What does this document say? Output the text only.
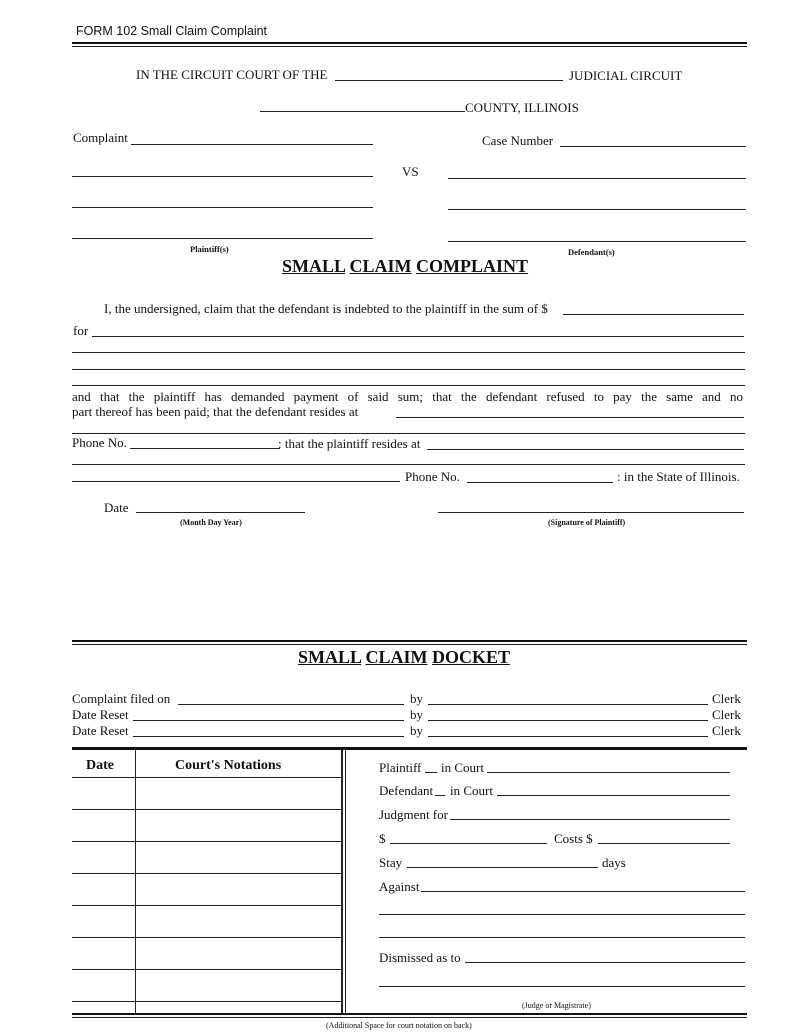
FORM 102 Small Claim Complaint
IN THE CIRCUIT COURT OF THE	JUDICIAL CIRCUIT
COUNTY, ILLINOIS
Complaint	Case Number
VS
Plaintiff(s)	Defendant(s)
SMALL CLAIM COMPLAINT
I, the undersigned, claim that the defendant is indebted to the plaintiff in the sum of $
for
and that the plaintiff has demanded payment of said sum; that the defendant refused to pay the same and no
part thereof has been paid; that the defendant resides at
Phone No.	: that the plaintiff resides at
Phone No.	: in the State of Illinois.
Date
(Month Day Year)	(Signature of Plaintiff)
SMALL CLAIM DOCKET
Complaint filed on	by	Clerk
Date Reset	by	Clerk
Date Reset	by	Clerk
Date	Court's Notations	Plaintiff in Court
Defendant in Court
Judgment for
$	Costs $
Stay	days
Against
Dismissed as to
(Judge or Magistrate)
(Additional Space for court notation on back)
